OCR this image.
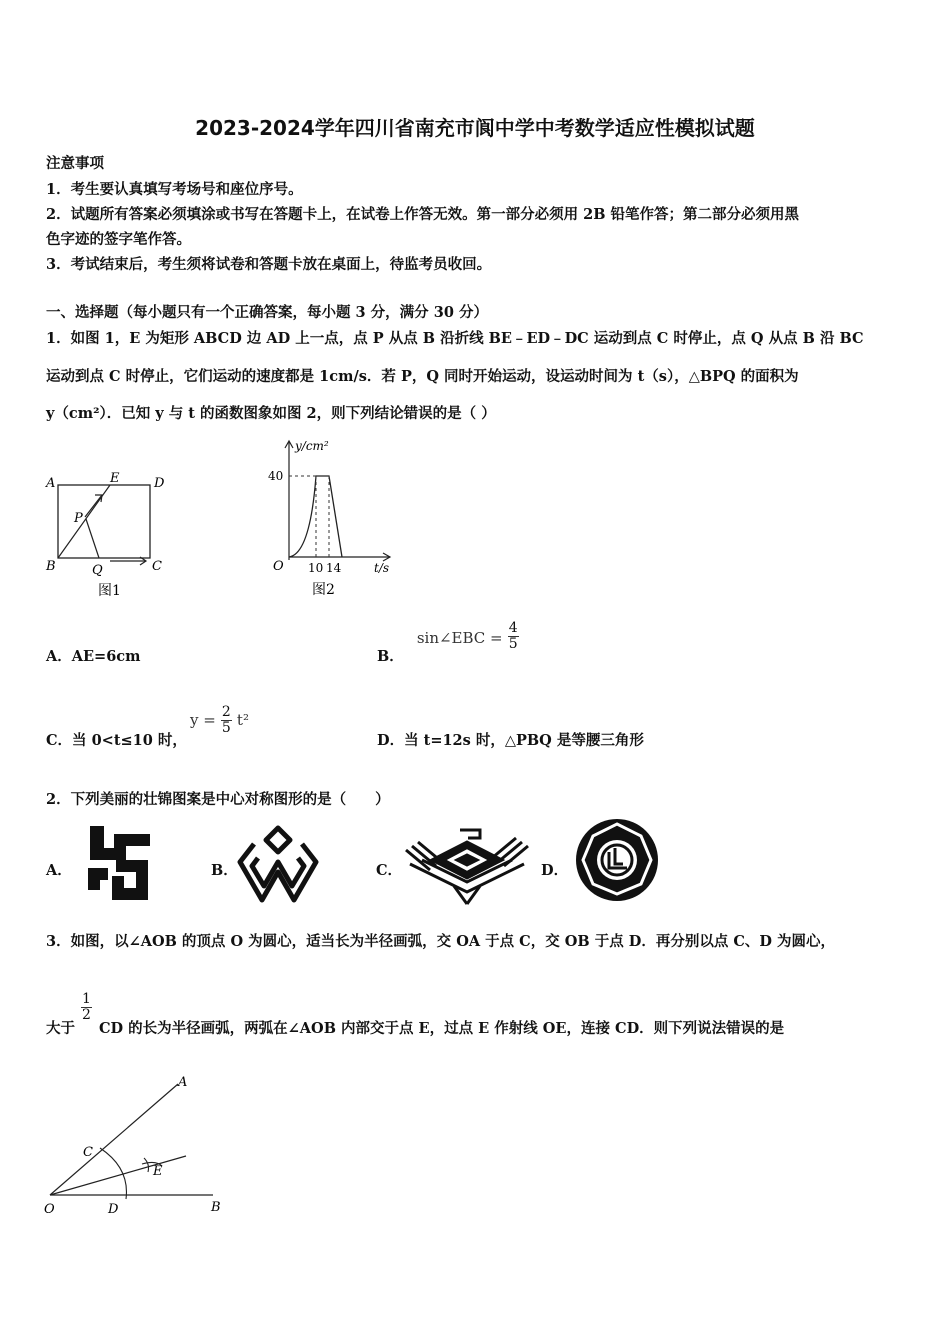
2023-2024学年四川省南充市阆中学中考数学适应性模拟试题
注意事项
1．考生要认真填写考场号和座位序号。
2．试题所有答案必须填涂或书写在答题卡上，在试卷上作答无效。第一部分必须用 2B 铅笔作答；第二部分必须用黑
色字迹的签字笔作答。
3．考试结束后，考生须将试卷和答题卡放在桌面上，待监考员收回。
一、选择题（每小题只有一个正确答案，每小题 3 分，满分 30 分）
1．如图 1，E 为矩形 ABCD 边 AD 上一点，点 P 从点 B 沿折线 BE﹣ED﹣DC 运动到点 C 时停止，点 Q 从点 B 沿 BC
运动到点 C 时停止，它们运动的速度都是 1cm/s．若 P，Q 同时开始运动，设运动时间为 t（s），△BPQ 的面积为
y（cm²）．已知 y 与 t 的函数图象如图 2，则下列结论错误的是（ ）
A	E	D
P
B	Q	C
图1
y/cm²
40
O 10 14	t/s
图2
A．AE=6cm	B． sin∠EBC = $\frac{4}{5}$
C．当 0<t≤10 时，
$y = \frac{2}{5} t^2$
D．当 t=12s 时，△PBQ 是等腰三角形
2．下列美丽的壮锦图案是中心对称图形的是（　　）
A．	B．	C．	D．
3．如图，以∠AOB 的顶点 O 为圆心，适当长为半径画弧，交 OA 于点 C，交 OB 于点 D．再分别以点 C、D 为圆心，
大于
$\frac{1}{2}$
CD 的长为半径画弧，两弧在∠AOB 内部交于点 E，过点 E 作射线 OE，连接 CD．则下列说法错误的是
A
C
E
O	D	B
